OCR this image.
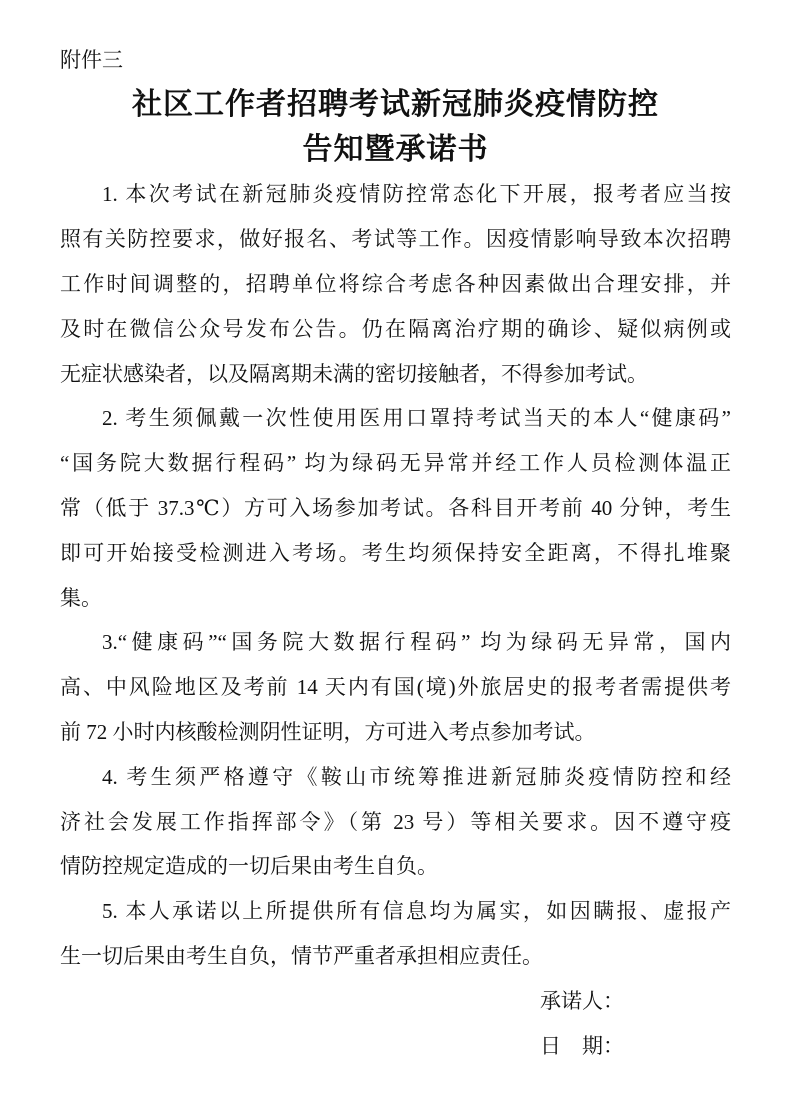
附件三
社区工作者招聘考试新冠肺炎疫情防控
告知暨承诺书
1. 本次考试在新冠肺炎疫情防控常态化下开展，报考者应当按
照有关防控要求，做好报名、考试等工作。因疫情影响导致本次招聘
工作时间调整的，招聘单位将综合考虑各种因素做出合理安排，并
及时在微信公众号发布公告。仍在隔离治疗期的确诊、疑似病例或
无症状感染者，以及隔离期未满的密切接触者，不得参加考试。
2. 考生须佩戴一次性使用医用口罩持考试当天的本人“健康码”
“国务院大数据行程码” 均为绿码无异常并经工作人员检测体温正
常（低于 37.3℃）方可入场参加考试。各科目开考前 40 分钟，考生
即可开始接受检测进入考场。考生均须保持安全距离，不得扎堆聚
集。
3.“健康码”“国务院大数据行程码” 均为绿码无异常，国内
高、中风险地区及考前 14 天内有国(境)外旅居史的报考者需提供考
前 72 小时内核酸检测阴性证明，方可进入考点参加考试。
4. 考生须严格遵守《鞍山市统筹推进新冠肺炎疫情防控和经
济社会发展工作指挥部令》（第 23 号）等相关要求。因不遵守疫
情防控规定造成的一切后果由考生自负。
5. 本人承诺以上所提供所有信息均为属实，如因瞒报、虚报产
生一切后果由考生自负，情节严重者承担相应责任。
承诺人：
日　期：
